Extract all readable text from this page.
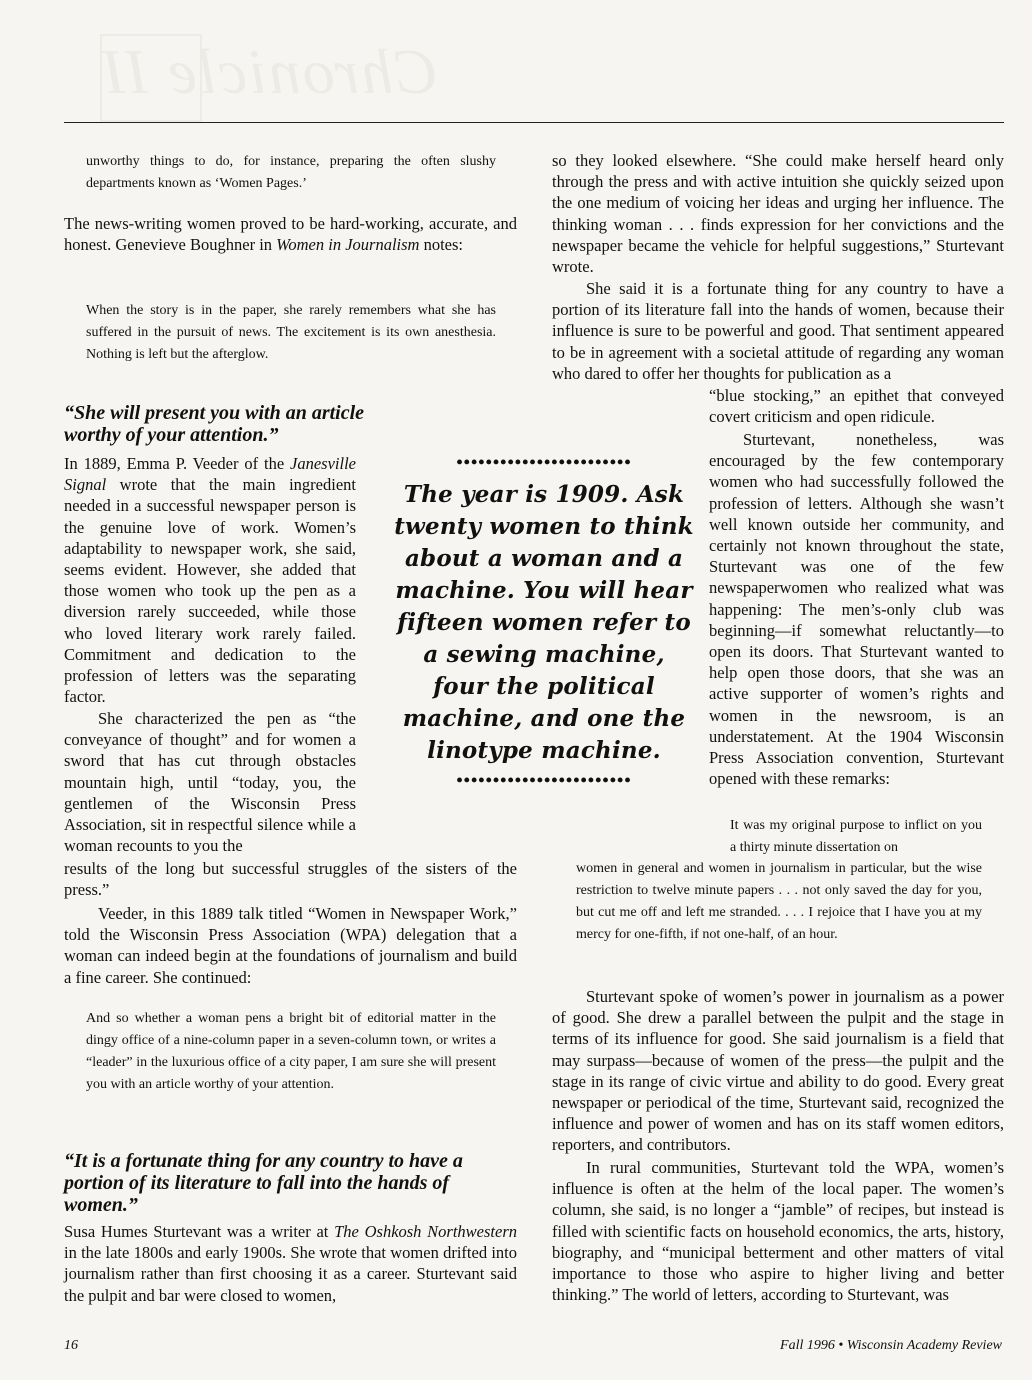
Chronicle II

unworthy things to do, for instance, preparing the often slushy departments known as ‘Women Pages.’

The news-writing women proved to be hard-working, accurate, and honest. Genevieve Boughner in Women in Journalism notes:

When the story is in the paper, she rarely remembers what she has suffered in the pursuit of news. The excitement is its own anesthesia. Nothing is left but the afterglow.

“She will present you with an article worthy of your attention.”

In 1889, Emma P. Veeder of the Janesville Signal wrote that the main ingredient needed in a successful newspaper person is the genuine love of work. Women’s adaptability to newspaper work, she said, seems evident. However, she added that those women who took up the pen as a diversion rarely succeeded, while those who loved literary work rarely failed. Commitment and dedication to the profession of letters was the separating factor.

She characterized the pen as “the conveyance of thought” and for women a sword that has cut through obstacles mountain high, until “today, you, the gentlemen of the Wisconsin Press Association, sit in respectful silence while a woman recounts to you the

results of the long but successful struggles of the sisters of the press.”

Veeder, in this 1889 talk titled “Women in Newspaper Work,” told the Wisconsin Press Association (WPA) delegation that a woman can indeed begin at the foundations of journalism and build a fine career. She continued:

And so whether a woman pens a bright bit of editorial matter in the dingy office of a nine-column paper in a seven-column town, or writes a “leader” in the luxurious office of a city paper, I am sure she will present you with an article worthy of your attention.

“It is a fortunate thing for any country to have a portion of its literature to fall into the hands of women.”

Susa Humes Sturtevant was a writer at The Oshkosh Northwestern in the late 1800s and early 1900s. She wrote that women drifted into journalism rather than first choosing it as a career. Sturtevant said the pulpit and bar were closed to women,

••••••••••••••••••••••••
The year is 1909. Ask twenty women to think about a woman and a machine. You will hear fifteen women refer to a sewing machine, four the political machine, and one the linotype machine.
••••••••••••••••••••••••

so they looked elsewhere. “She could make herself heard only through the press and with active intuition she quickly seized upon the one medium of voicing her ideas and urging her influence. The thinking woman . . . finds expression for her convictions and the newspaper became the vehicle for helpful suggestions,” Sturtevant wrote.

She said it is a fortunate thing for any country to have a portion of its literature fall into the hands of women, because their influence is sure to be powerful and good. That sentiment appeared to be in agreement with a societal attitude of regarding any woman who dared to offer her thoughts for publication as a

“blue stocking,” an epithet that conveyed covert criticism and open ridicule.

Sturtevant, nonetheless, was encouraged by the few contemporary women who had successfully followed the profession of letters. Although she wasn’t well known outside her community, and certainly not known throughout the state, Sturtevant was one of the few newspaperwomen who realized what was happening: The men’s-only club was beginning—if somewhat reluctantly—to open its doors. That Sturtevant wanted to help open those doors, that she was an active supporter of women’s rights and women in the newsroom, is an understatement. At the 1904 Wisconsin Press Association convention, Sturtevant opened with these remarks:

It was my original purpose to inflict on you a thirty minute dissertation on

women in general and women in journalism in particular, but the wise restriction to twelve minute papers . . . not only saved the day for you, but cut me off and left me stranded. . . . I rejoice that I have you at my mercy for one-fifth, if not one-half, of an hour.

Sturtevant spoke of women’s power in journalism as a power of good. She drew a parallel between the pulpit and the stage in terms of its influence for good. She said journalism is a field that may surpass—because of women of the press—the pulpit and the stage in its range of civic virtue and ability to do good. Every great newspaper or periodical of the time, Sturtevant said, recognized the influence and power of women and has on its staff women editors, reporters, and contributors.

In rural communities, Sturtevant told the WPA, women’s influence is often at the helm of the local paper. The women’s column, she said, is no longer a “jamble” of recipes, but instead is filled with scientific facts on household economics, the arts, history, biography, and “municipal betterment and other matters of vital importance to those who aspire to higher living and better thinking.” The world of letters, according to Sturtevant, was

16	Fall 1996 • Wisconsin Academy Review
